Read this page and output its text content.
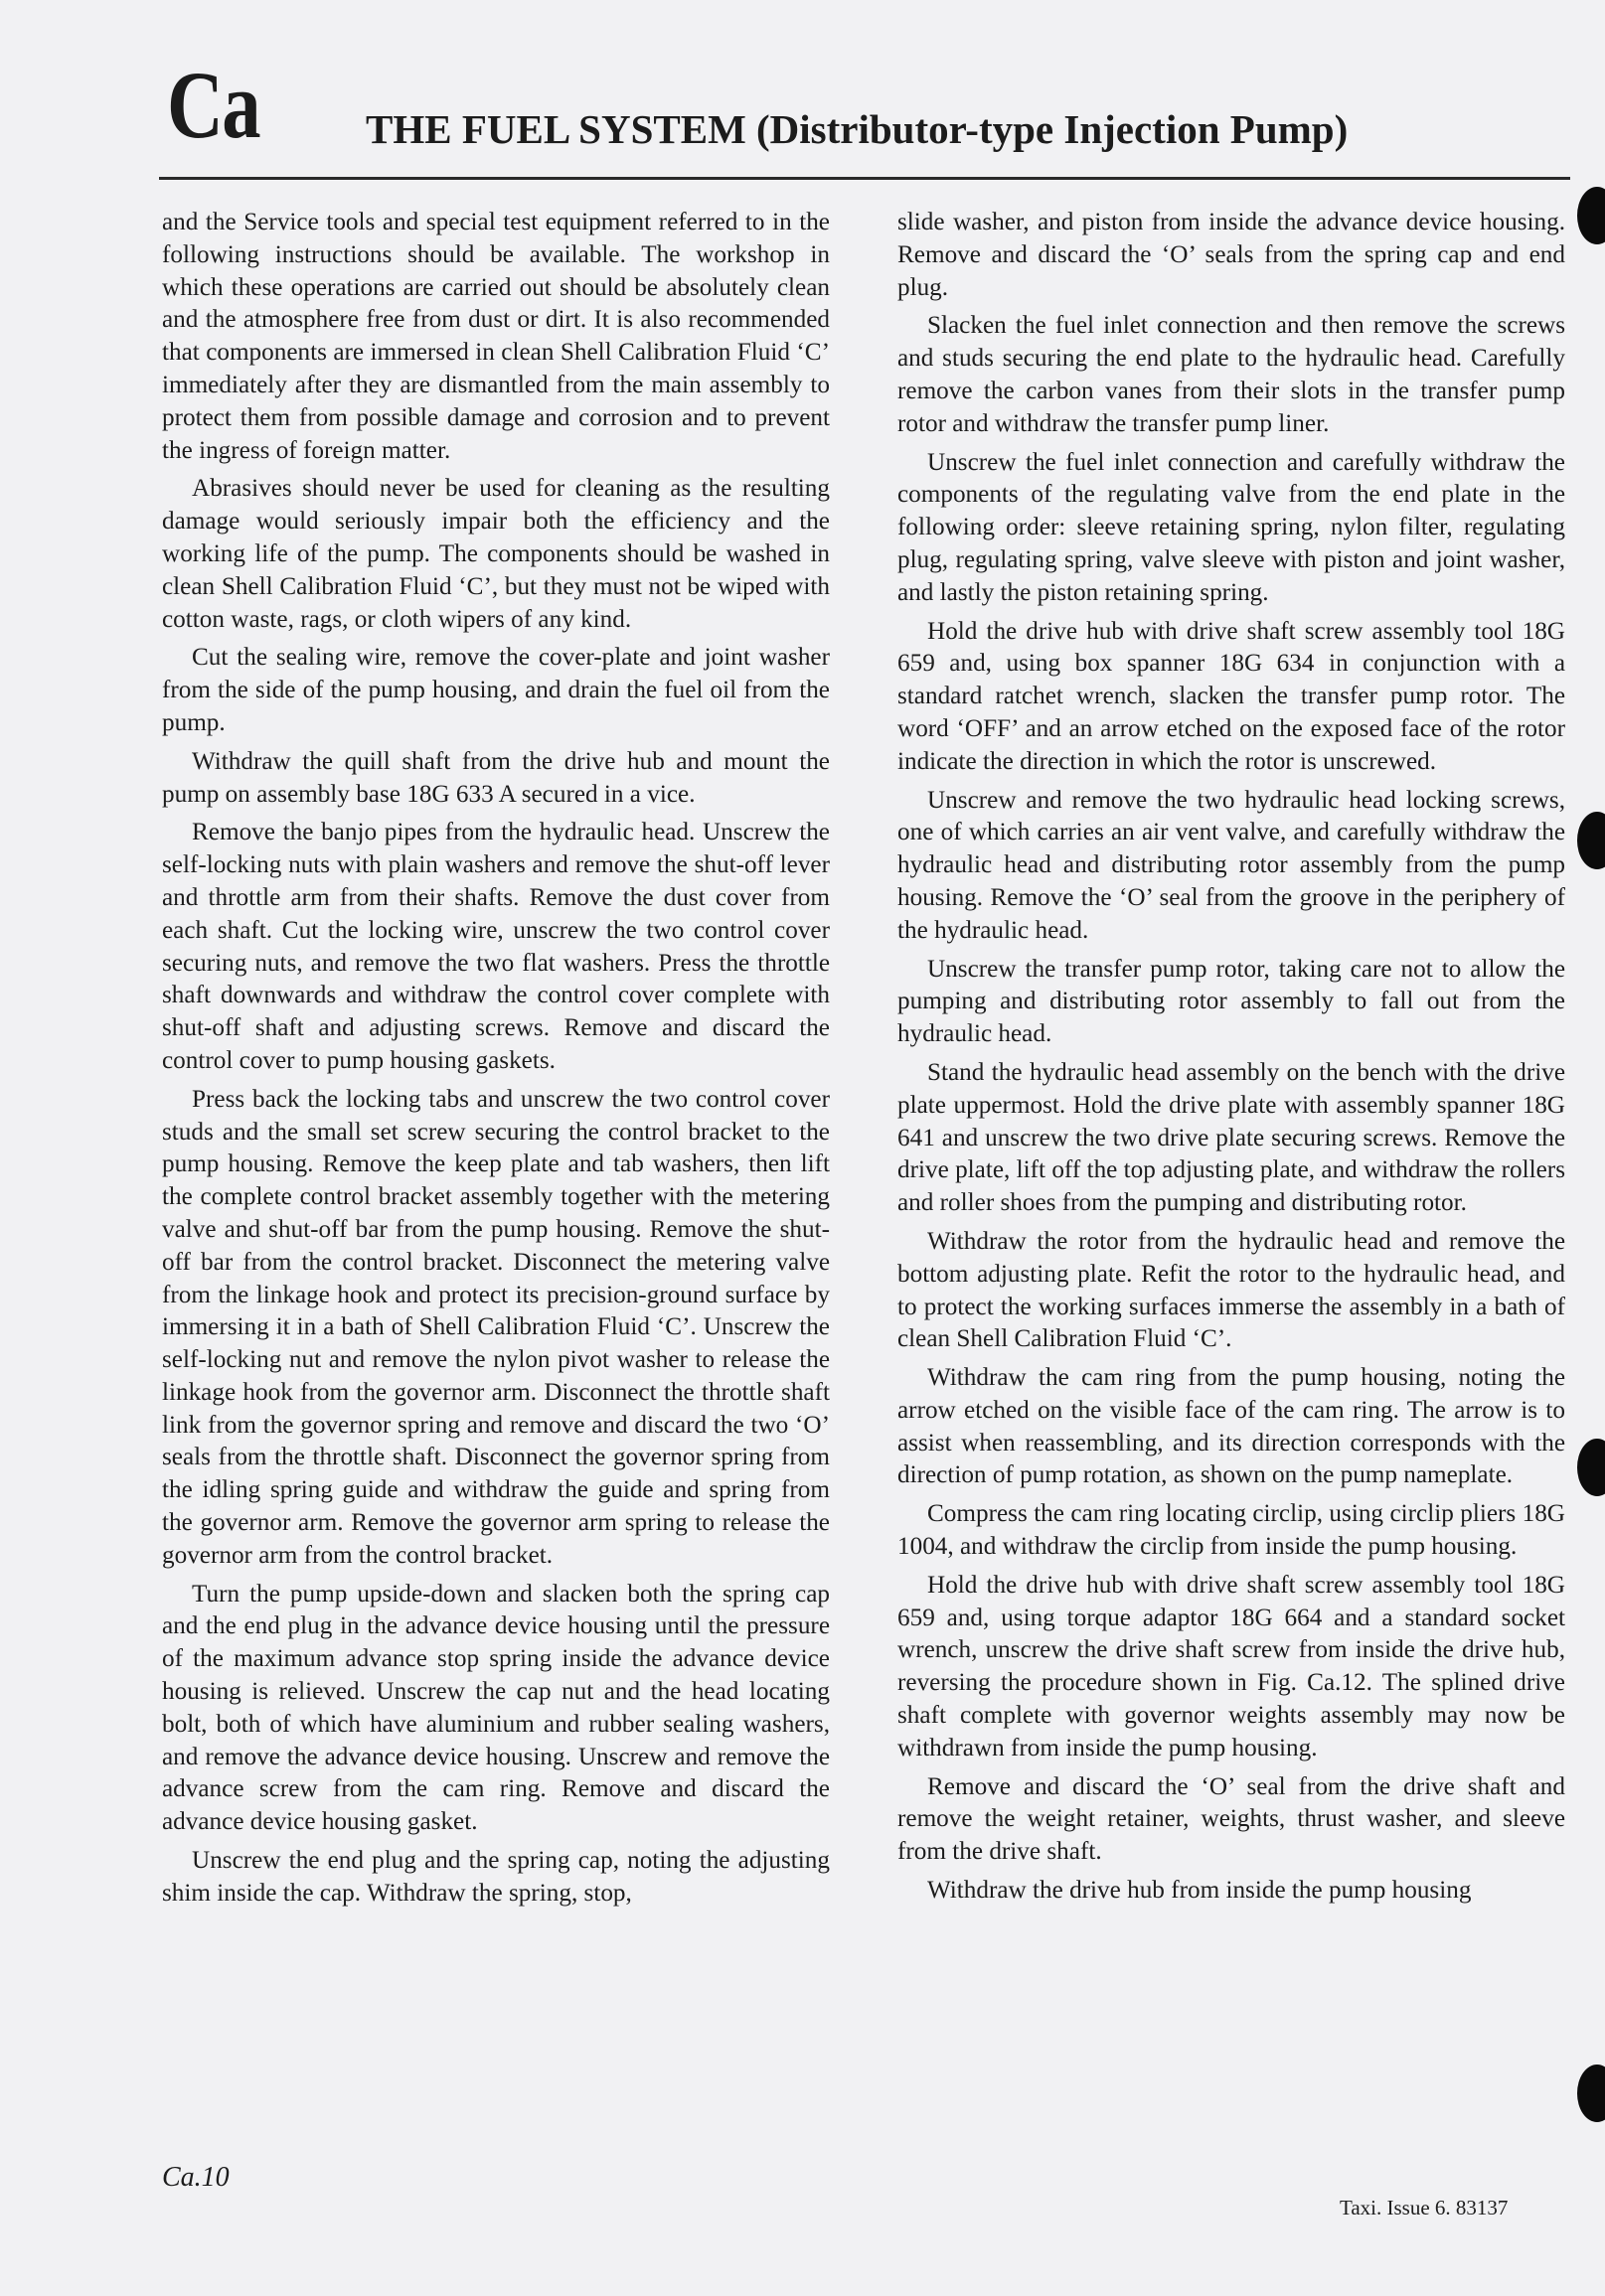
Ca	THE FUEL SYSTEM (Distributor-type Injection Pump)

and the Service tools and special test equipment referred to in the following instructions should be available. The workshop in which these operations are carried out should be absolutely clean and the atmosphere free from dust or dirt. It is also recommended that components are immersed in clean Shell Calibration Fluid ‘C’ immediately after they are dismantled from the main assembly to protect them from possible damage and corrosion and to prevent the ingress of foreign matter.

Abrasives should never be used for cleaning as the resulting damage would seriously impair both the efficiency and the working life of the pump. The components should be washed in clean Shell Calibration Fluid ‘C’, but they must not be wiped with cotton waste, rags, or cloth wipers of any kind.

Cut the sealing wire, remove the cover-plate and joint washer from the side of the pump housing, and drain the fuel oil from the pump.

Withdraw the quill shaft from the drive hub and mount the pump on assembly base 18G 633 A secured in a vice.

Remove the banjo pipes from the hydraulic head. Unscrew the self-locking nuts with plain washers and remove the shut-off lever and throttle arm from their shafts. Remove the dust cover from each shaft. Cut the locking wire, unscrew the two control cover securing nuts, and remove the two flat washers. Press the throttle shaft downwards and withdraw the control cover complete with shut-off shaft and adjusting screws. Remove and discard the control cover to pump housing gaskets.

Press back the locking tabs and unscrew the two control cover studs and the small set screw securing the control bracket to the pump housing. Remove the keep plate and tab washers, then lift the complete control bracket assembly together with the metering valve and shut-off bar from the pump housing. Remove the shut-off bar from the control bracket. Disconnect the metering valve from the linkage hook and protect its precision-ground surface by immersing it in a bath of Shell Calibration Fluid ‘C’. Unscrew the self-locking nut and remove the nylon pivot washer to release the linkage hook from the governor arm. Disconnect the throttle shaft link from the governor spring and remove and discard the two ‘O’ seals from the throttle shaft. Disconnect the governor spring from the idling spring guide and withdraw the guide and spring from the governor arm. Remove the governor arm spring to release the governor arm from the control bracket.

Turn the pump upside-down and slacken both the spring cap and the end plug in the advance device housing until the pressure of the maximum advance stop spring inside the advance device housing is relieved. Unscrew the cap nut and the head locating bolt, both of which have aluminium and rubber sealing washers, and remove the advance device housing. Unscrew and remove the advance screw from the cam ring. Remove and discard the advance device housing gasket.

Unscrew the end plug and the spring cap, noting the adjusting shim inside the cap. Withdraw the spring, stop,

slide washer, and piston from inside the advance device housing. Remove and discard the ‘O’ seals from the spring cap and end plug.

Slacken the fuel inlet connection and then remove the screws and studs securing the end plate to the hydraulic head. Carefully remove the carbon vanes from their slots in the transfer pump rotor and withdraw the transfer pump liner.

Unscrew the fuel inlet connection and carefully withdraw the components of the regulating valve from the end plate in the following order: sleeve retaining spring, nylon filter, regulating plug, regulating spring, valve sleeve with piston and joint washer, and lastly the piston retaining spring.

Hold the drive hub with drive shaft screw assembly tool 18G 659 and, using box spanner 18G 634 in conjunction with a standard ratchet wrench, slacken the transfer pump rotor. The word ‘OFF’ and an arrow etched on the exposed face of the rotor indicate the direction in which the rotor is unscrewed.

Unscrew and remove the two hydraulic head locking screws, one of which carries an air vent valve, and carefully withdraw the hydraulic head and distributing rotor assembly from the pump housing. Remove the ‘O’ seal from the groove in the periphery of the hydraulic head.

Unscrew the transfer pump rotor, taking care not to allow the pumping and distributing rotor assembly to fall out from the hydraulic head.

Stand the hydraulic head assembly on the bench with the drive plate uppermost. Hold the drive plate with assembly spanner 18G 641 and unscrew the two drive plate securing screws. Remove the drive plate, lift off the top adjusting plate, and withdraw the rollers and roller shoes from the pumping and distributing rotor.

Withdraw the rotor from the hydraulic head and remove the bottom adjusting plate. Refit the rotor to the hydraulic head, and to protect the working surfaces immerse the assembly in a bath of clean Shell Calibration Fluid ‘C’.

Withdraw the cam ring from the pump housing, noting the arrow etched on the visible face of the cam ring. The arrow is to assist when reassembling, and its direction corresponds with the direction of pump rotation, as shown on the pump nameplate.

Compress the cam ring locating circlip, using circlip pliers 18G 1004, and withdraw the circlip from inside the pump housing.

Hold the drive hub with drive shaft screw assembly tool 18G 659 and, using torque adaptor 18G 664 and a standard socket wrench, unscrew the drive shaft screw from inside the drive hub, reversing the procedure shown in Fig. Ca.12. The splined drive shaft complete with governor weights assembly may now be withdrawn from inside the pump housing.

Remove and discard the ‘O’ seal from the drive shaft and remove the weight retainer, weights, thrust washer, and sleeve from the drive shaft.

Withdraw the drive hub from inside the pump housing

Ca.10
Taxi. Issue 6. 83137
